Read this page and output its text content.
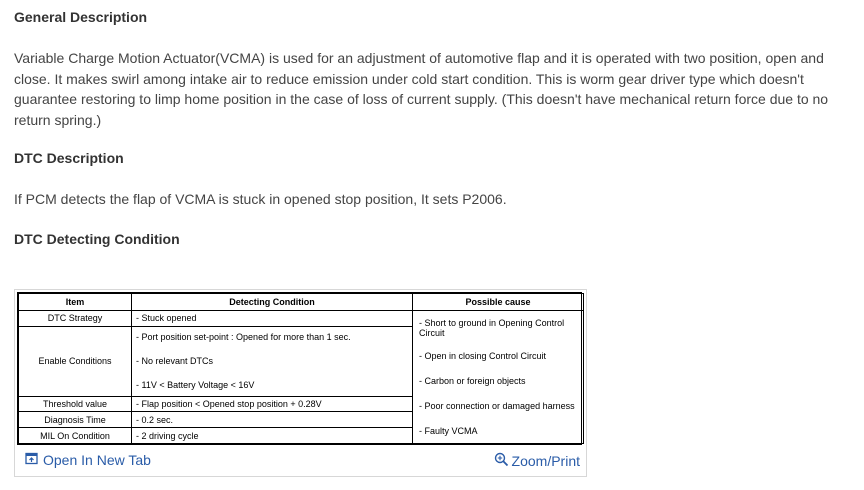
General Description

Variable Charge Motion Actuator(VCMA) is used for an adjustment of automotive flap and it is operated with two position, open and close. It makes swirl among intake air to reduce emission under cold start condition. This is worm gear driver type which doesn't guarantee restoring to limp home position in the case of loss of current supply. (This doesn't have mechanical return force due to no return spring.)

DTC Description

If PCM detects the flap of VCMA is stuck in opened stop position, It sets P2006.

DTC Detecting Condition
Item	Detecting Condition	Possible cause
DTC Strategy	- Stuck opened	- Short to ground in Opening Control Circuit
- Open in closing Control Circuit
- Carbon or foreign objects
- Poor connection or damaged harness
- Faulty VCMA

Enable Conditions	- Port position set-point : Opened for more than 1 sec.
- No relevant DTCs
- 11V < Battery Voltage < 16V	

Threshold value	- Flap position < Opened stop position + 0.28V	
Diagnosis Time	- 0.2 sec.	
MIL On Condition	- 2 driving cycle	
Open In New Tab	Zoom/Print
